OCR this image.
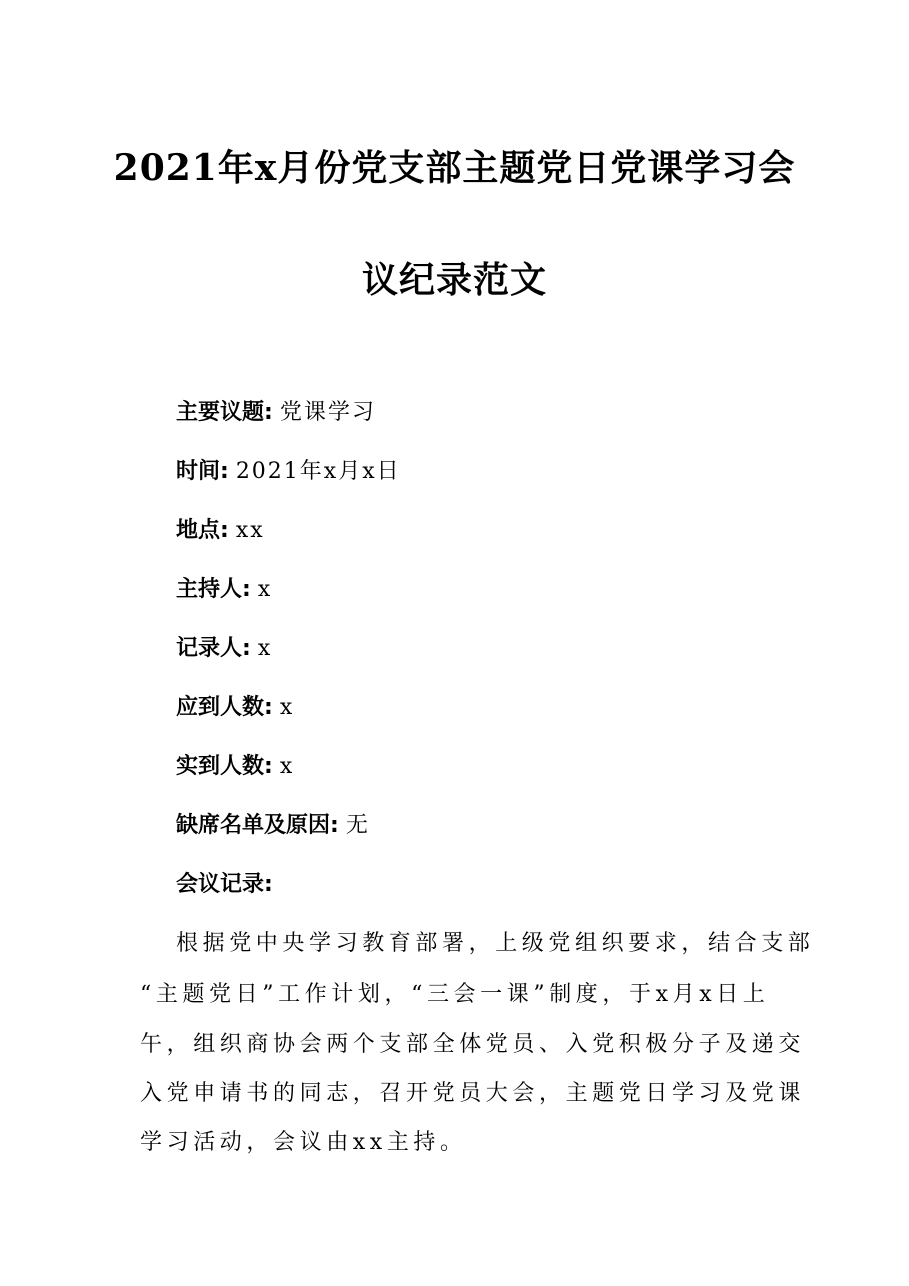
2021年x月份党支部主题党日党课学习会
议纪录范文
主要议题: 党课学习
时间: 2021年x月x日
地点: xx
主持人: x
记录人: x
应到人数: x
实到人数: x
缺席名单及原因: 无
会议记录:
根据党中央学习教育部署，上级党组织要求，结合支部
“主题党日”工作计划，“三会一课”制度，于x月x日上
午，组织商协会两个支部全体党员、入党积极分子及递交
入党申请书的同志，召开党员大会，主题党日学习及党课
学习活动，会议由xx主持。
